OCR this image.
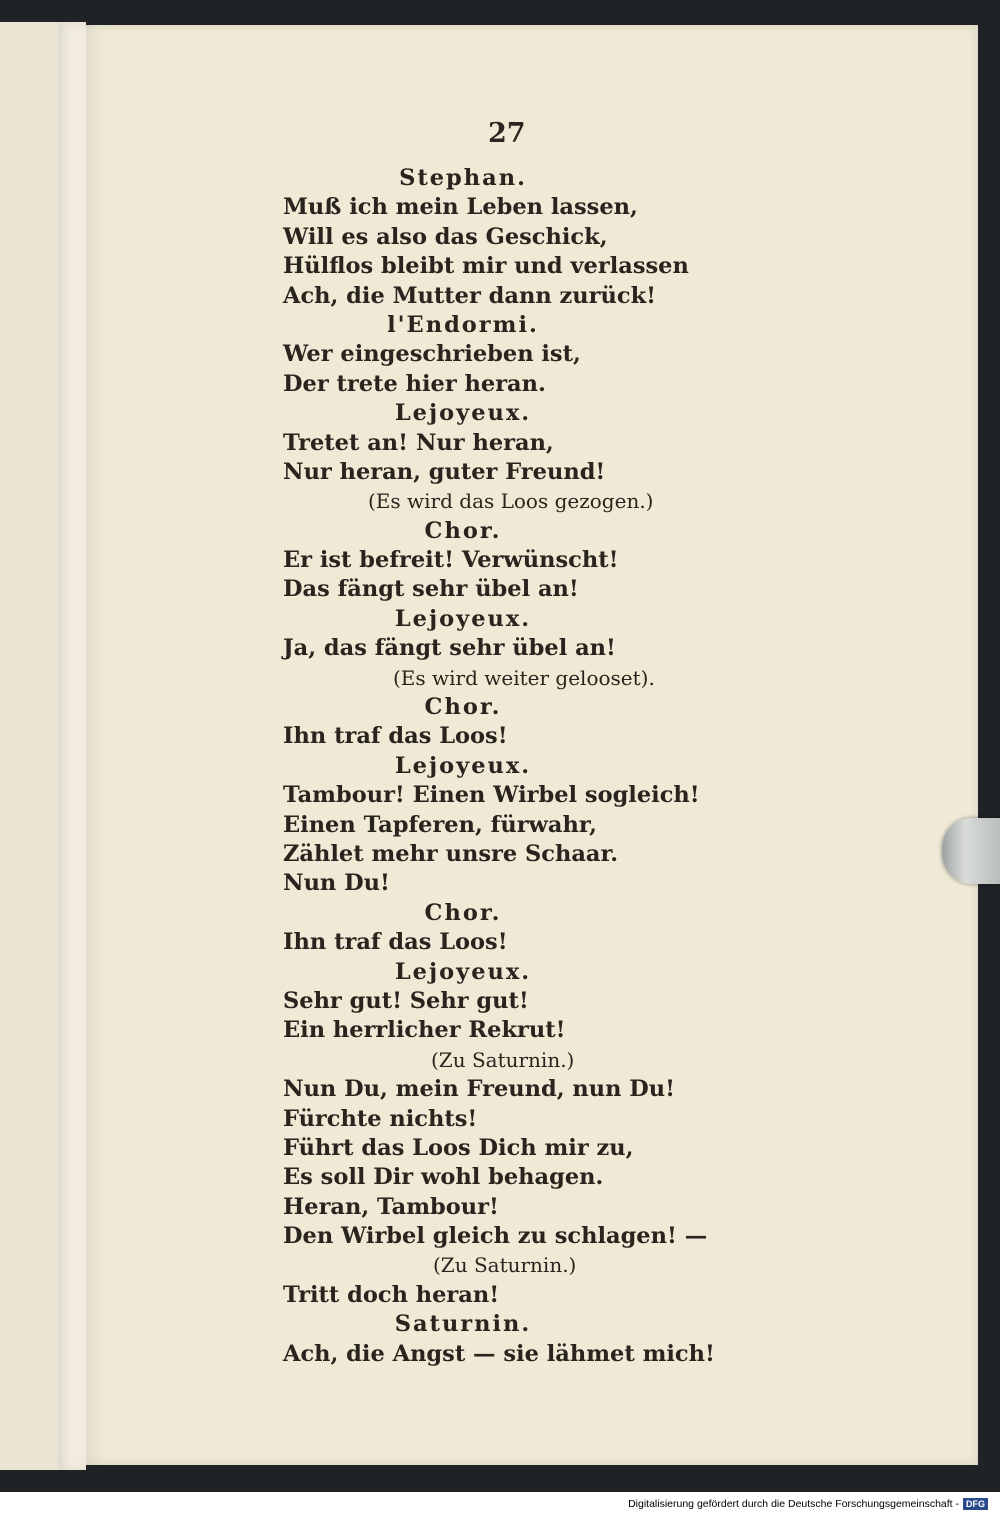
27
Stephan.
Muß ich mein Leben lassen,
Will es also das Geschick,
Hülflos bleibt mir und verlassen
Ach, die Mutter dann zurück!
l'Endormi.
Wer eingeschrieben ist,
Der trete hier heran.
Lejoyeux.
Tretet an! Nur heran,
Nur heran, guter Freund!
(Es wird das Loos gezogen.)
Chor.
Er ist befreit! Verwünscht!
Das fängt sehr übel an!
Lejoyeux.
Ja, das fängt sehr übel an!
(Es wird weiter gelooset).
Chor.
Ihn traf das Loos!
Lejoyeux.
Tambour! Einen Wirbel sogleich!
Einen Tapferen, fürwahr,
Zählet mehr unsre Schaar.
Nun Du!
Chor.
Ihn traf das Loos!
Lejoyeux.
Sehr gut! Sehr gut!
Ein herrlicher Rekrut!
(Zu Saturnin.)
Nun Du, mein Freund, nun Du!
Fürchte nichts!
Führt das Loos Dich mir zu,
Es soll Dir wohl behagen.
Heran, Tambour!
Den Wirbel gleich zu schlagen! —
(Zu Saturnin.)
Tritt doch heran!
Saturnin.
Ach, die Angst — sie lähmet mich!
Digitalisierung gefördert durch die Deutsche Forschungsgemeinschaft - DFG
